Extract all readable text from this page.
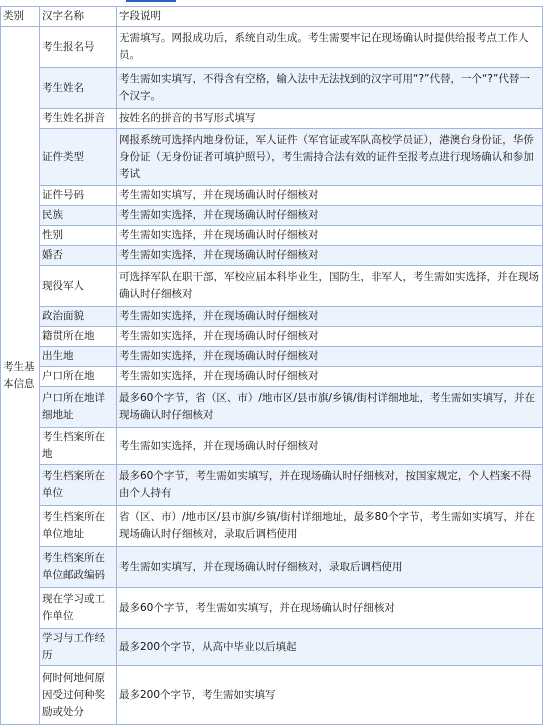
类别	汉字名称	字段说明
考生基本信息	考生报名号	无需填写。网报成功后，系统自动生成。考生需要牢记在现场确认时提供给报考点工作人员。
	考生姓名	考生需如实填写，不得含有空格，输入法中无法找到的汉字可用“?”代替，一个“?”代替一个汉字。
	考生姓名拼音	按姓名的拼音的书写形式填写
	证件类型	网报系统可选择内地身份证，军人证件（军官证或军队高校学员证），港澳台身份证，华侨身份证（无身份证者可填护照号），考生需持合法有效的证件至报考点进行现场确认和参加考试
	证件号码	考生需如实填写，并在现场确认时仔细核对
	民族	考生需如实选择，并在现场确认时仔细核对
	性别	考生需如实选择，并在现场确认时仔细核对
	婚否	考生需如实选择，并在现场确认时仔细核对
	现役军人	可选择军队在职干部，军校应届本科毕业生，国防生，非军人，考生需如实选择，并在现场确认时仔细核对
	政治面貌	考生需如实选择，并在现场确认时仔细核对
	籍贯所在地	考生需如实选择，并在现场确认时仔细核对
	出生地	考生需如实选择，并在现场确认时仔细核对
	户口所在地	考生需如实选择，并在现场确认时仔细核对
	户口所在地详细地址	最多60个字节，省（区、市）/地市区/县市旗/乡镇/街村详细地址，考生需如实填写，并在现场确认时仔细核对
	考生档案所在地	考生需如实选择，并在现场确认时仔细核对
	考生档案所在单位	最多60个字节，考生需如实填写，并在现场确认时仔细核对，按国家规定，个人档案不得由个人持有
	考生档案所在单位地址	省（区、市）/地市区/县市旗/乡镇/街村详细地址，最多80个字节，考生需如实填写，并在现场确认时仔细核对，录取后调档使用
	考生档案所在单位邮政编码	考生需如实填写，并在现场确认时仔细核对，录取后调档使用
	现在学习或工作单位	最多60个字节，考生需如实填写，并在现场确认时仔细核对
	学习与工作经历	最多200个字节，从高中毕业以后填起
	何时何地何原因受过何种奖励或处分	最多200个字节，考生需如实填写
